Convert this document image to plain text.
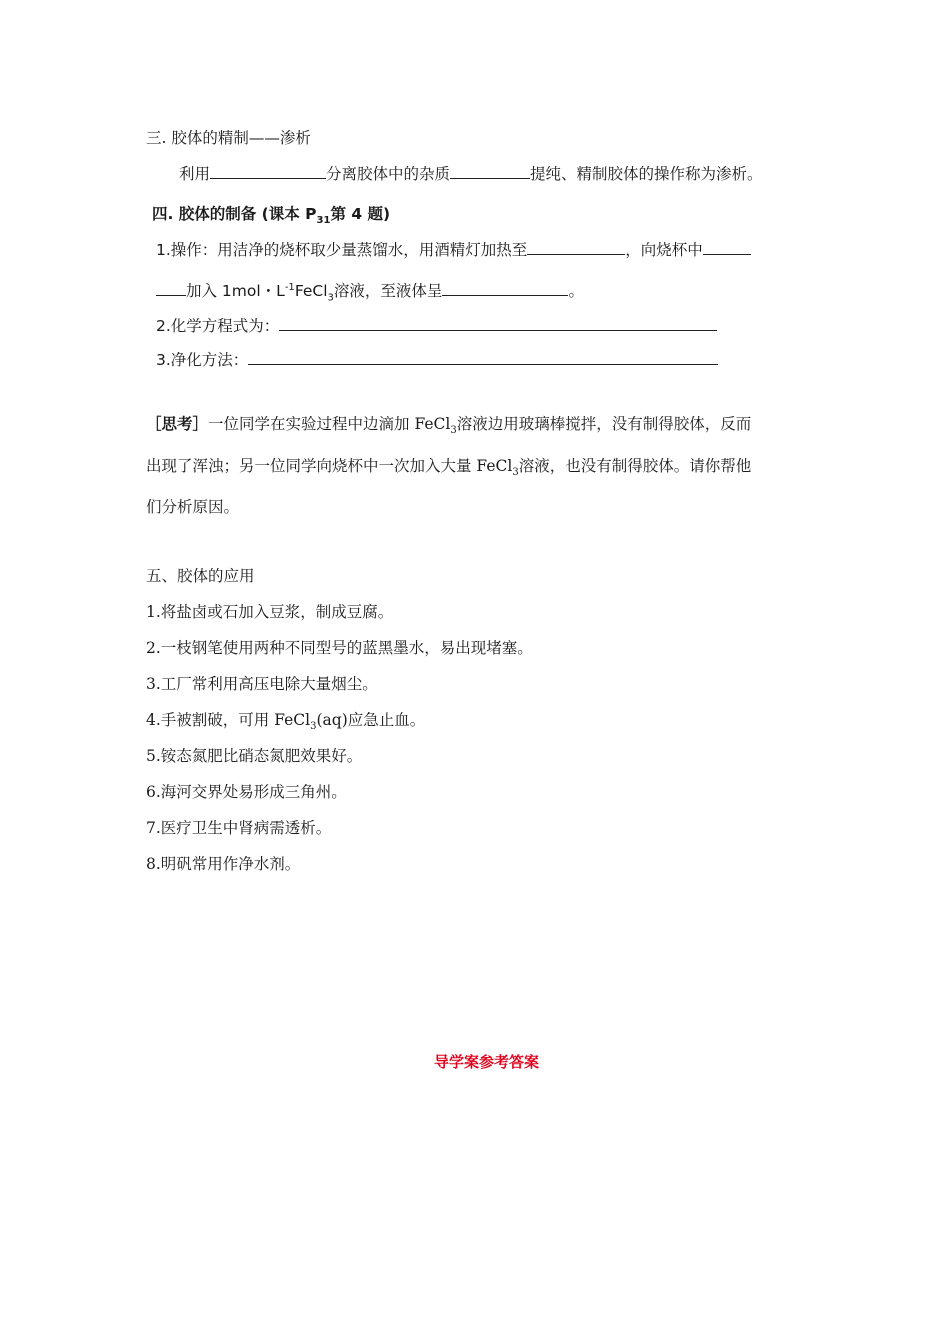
三. 胶体的精制——渗析
利用	分离胶体中的杂质	提纯、精制胶体的操作称为渗析。
四. 胶体的制备 (课本 $P_{31}$第 4 题)
1.操作：用洁净的烧杯取少量蒸馏水，用酒精灯加热至	，向烧杯中
加入 1mol・$L^{-1}FeCl_3$溶液，至液体呈	。
2.化学方程式为：
3.净化方法：
［思考］一位同学在实验过程中边滴加 FeCl$_3$溶液边用玻璃棒搅拌，没有制得胶体，反而
出现了浑浊；另一位同学向烧杯中一次加入大量 FeCl$_3$溶液，也没有制得胶体。请你帮他
们分析原因。
五、胶体的应用
1.将盐卤或石加入豆浆，制成豆腐。
2.一枝钢笔使用两种不同型号的蓝黑墨水，易出现堵塞。
3.工厂常利用高压电除大量烟尘。
4.手被割破，可用 FeCl$_3$(aq)应急止血。
5.铵态氮肥比硝态氮肥效果好。
6.海河交界处易形成三角州。
7.医疗卫生中肾病需透析。
8.明矾常用作净水剂。
导学案参考答案
